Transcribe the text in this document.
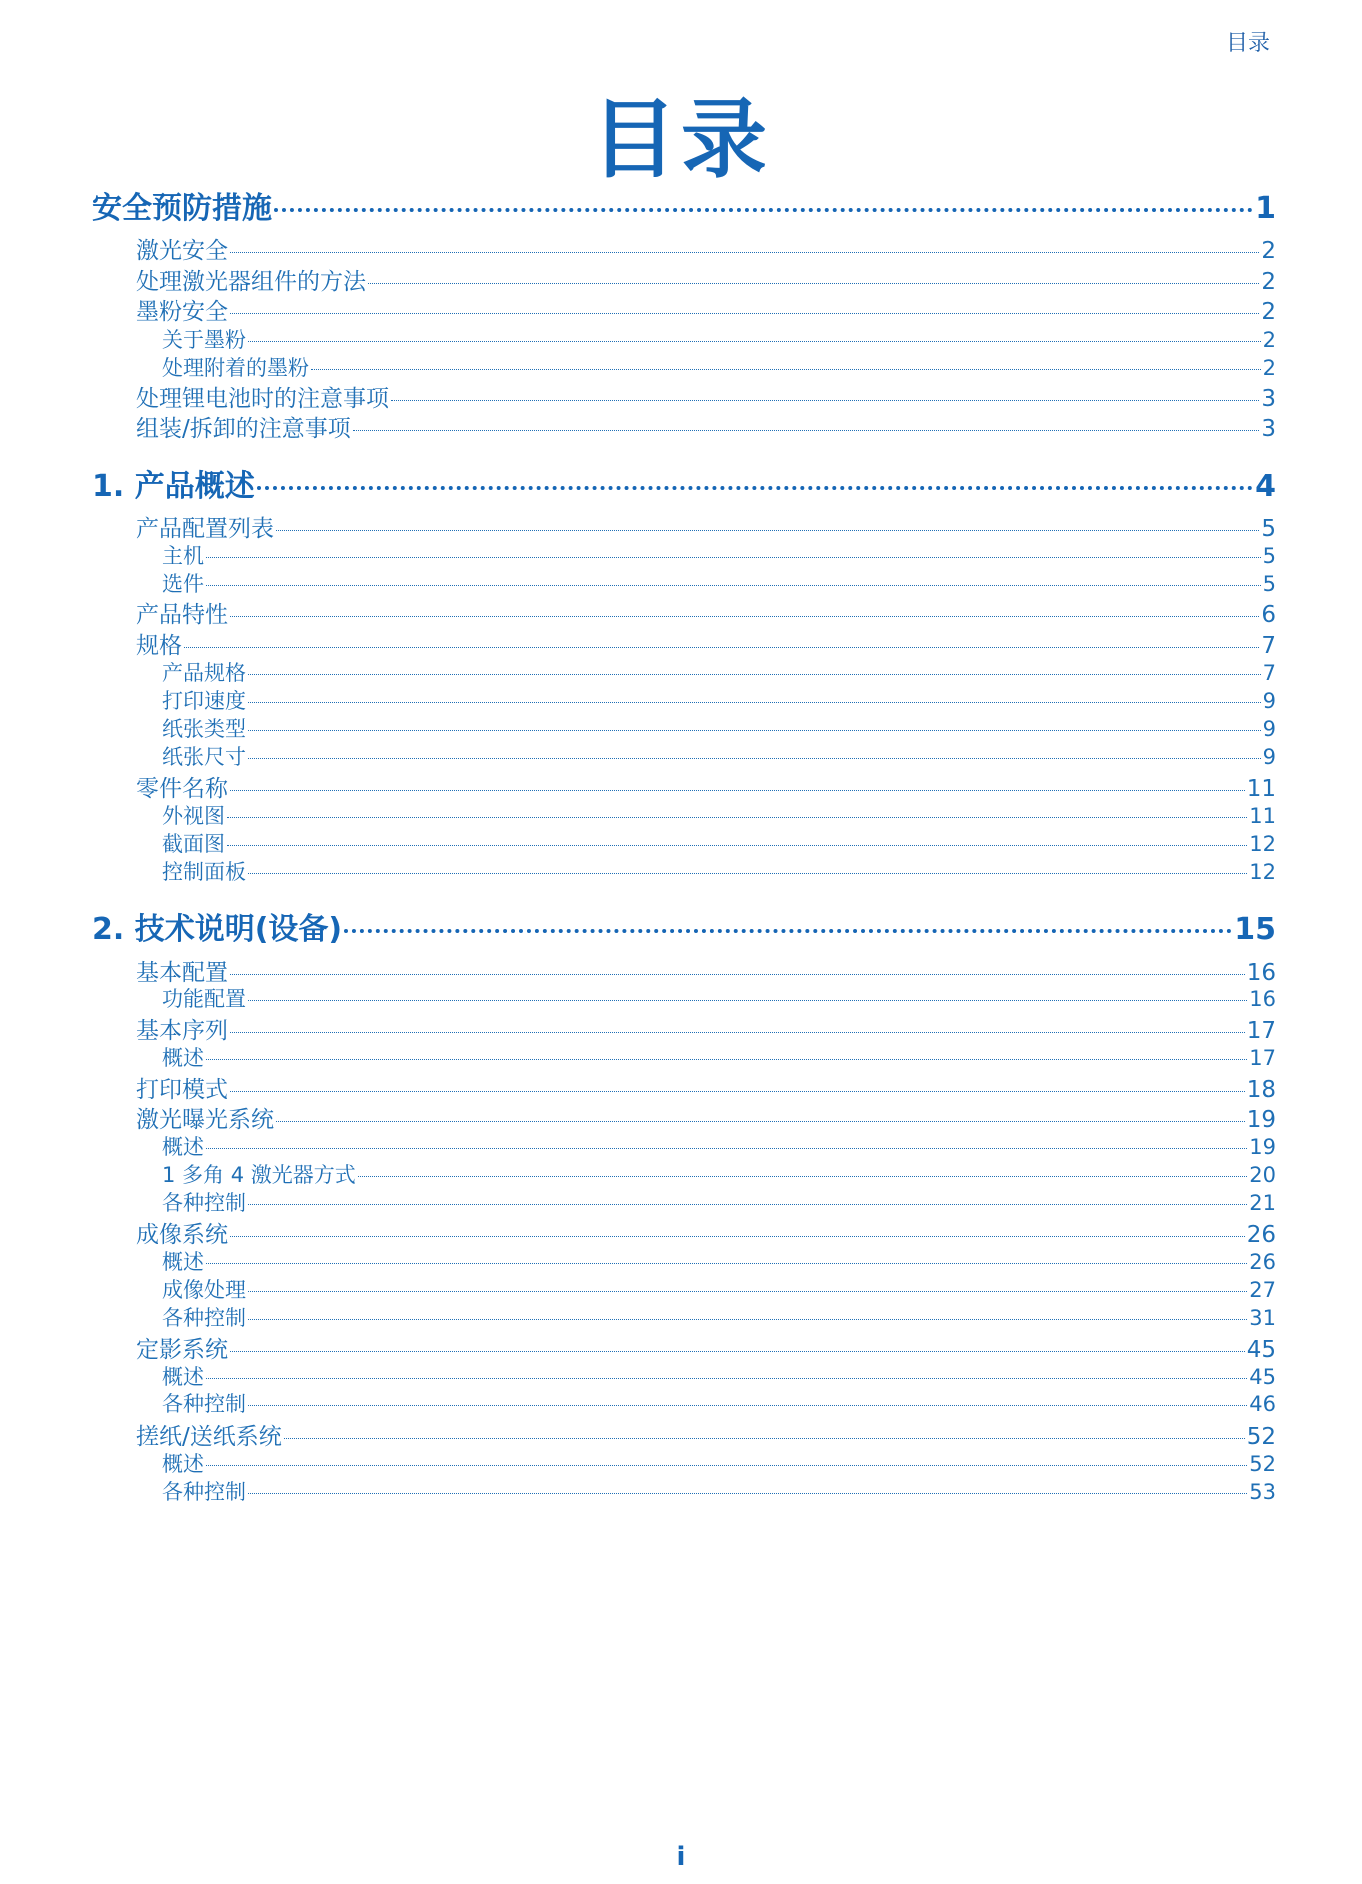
目录
目录
安全预防措施	1
激光安全	2
处理激光器组件的方法	2
墨粉安全	2
关于墨粉	2
处理附着的墨粉	2
处理锂电池时的注意事项	3
组装/拆卸的注意事项	3
1. 产品概述	4
产品配置列表	5
主机	5
选件	5
产品特性	6
规格	7
产品规格	7
打印速度	9
纸张类型	9
纸张尺寸	9
零件名称	11
外视图	11
截面图	12
控制面板	12
2. 技术说明(设备)	15
基本配置	16
功能配置	16
基本序列	17
概述	17
打印模式	18
激光曝光系统	19
概述	19
1 多角 4 激光器方式	20
各种控制	21
成像系统	26
概述	26
成像处理	27
各种控制	31
定影系统	45
概述	45
各种控制	46
搓纸/送纸系统	52
概述	52
各种控制	53
i
